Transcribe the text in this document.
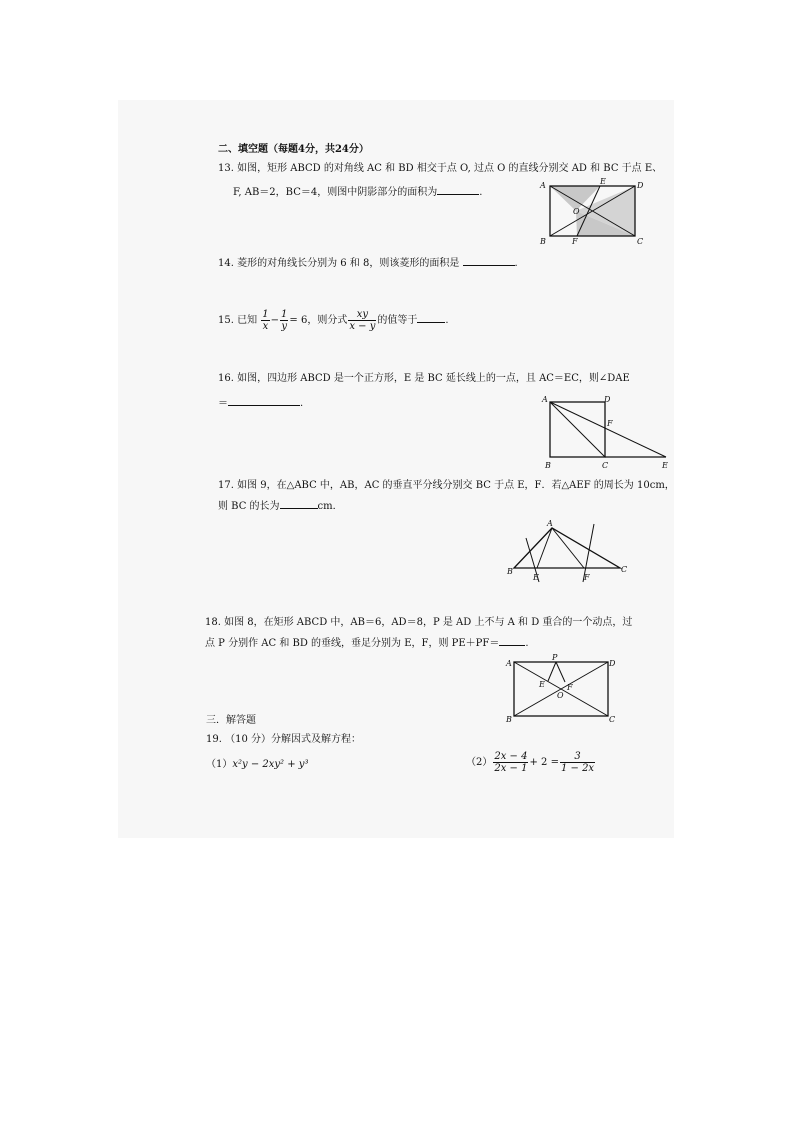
二、填空题（每题4分，共24分）
13. 如图，矩形 ABCD 的对角线 AC 和 BD 相交于点 O, 过点 O 的直线分别交 AD 和 BC 于点 E、
F, AB＝2，BC＝4，则图中阴影部分的面积为	.
A	D
B	C
E
F
O
14. 菱形的对角线长分别为 6 和 8，则该菱形的面积是	.
15. 已知 $\frac{1}{x} - \frac{1}{y} = 6$，则分式 $\frac{xy}{x - y}$ 的值等于	.
16. 如图，四边形 ABCD 是一个正方形，E 是 BC 延长线上的一点，且 AC＝EC，则∠DAE
＝	.	A	D
B	C	E
F
17. 如图 9，在△ABC 中，AB，AC 的垂直平分线分别交 BC 于点 E，F．若△AEF 的周长为 10cm，
则 BC 的长为	cm．
A
B	C
E	F
18. 如图 8，在矩形 ABCD 中，AB＝6，AD＝8，P 是 AD 上不与 A 和 D 重合的一个动点，过
点 P 分别作 AC 和 BD 的垂线，垂足分别为 E，F，则 PE＋PF＝	.
P
A	D
B	C
E	F
O
三．解答题
19. （10 分）分解因式及解方程：
（1）x²y − 2xy² + y³	$(2) \frac{2x - 4}{2x - 1} + 2 = \frac{3}{1 - 2x}$
